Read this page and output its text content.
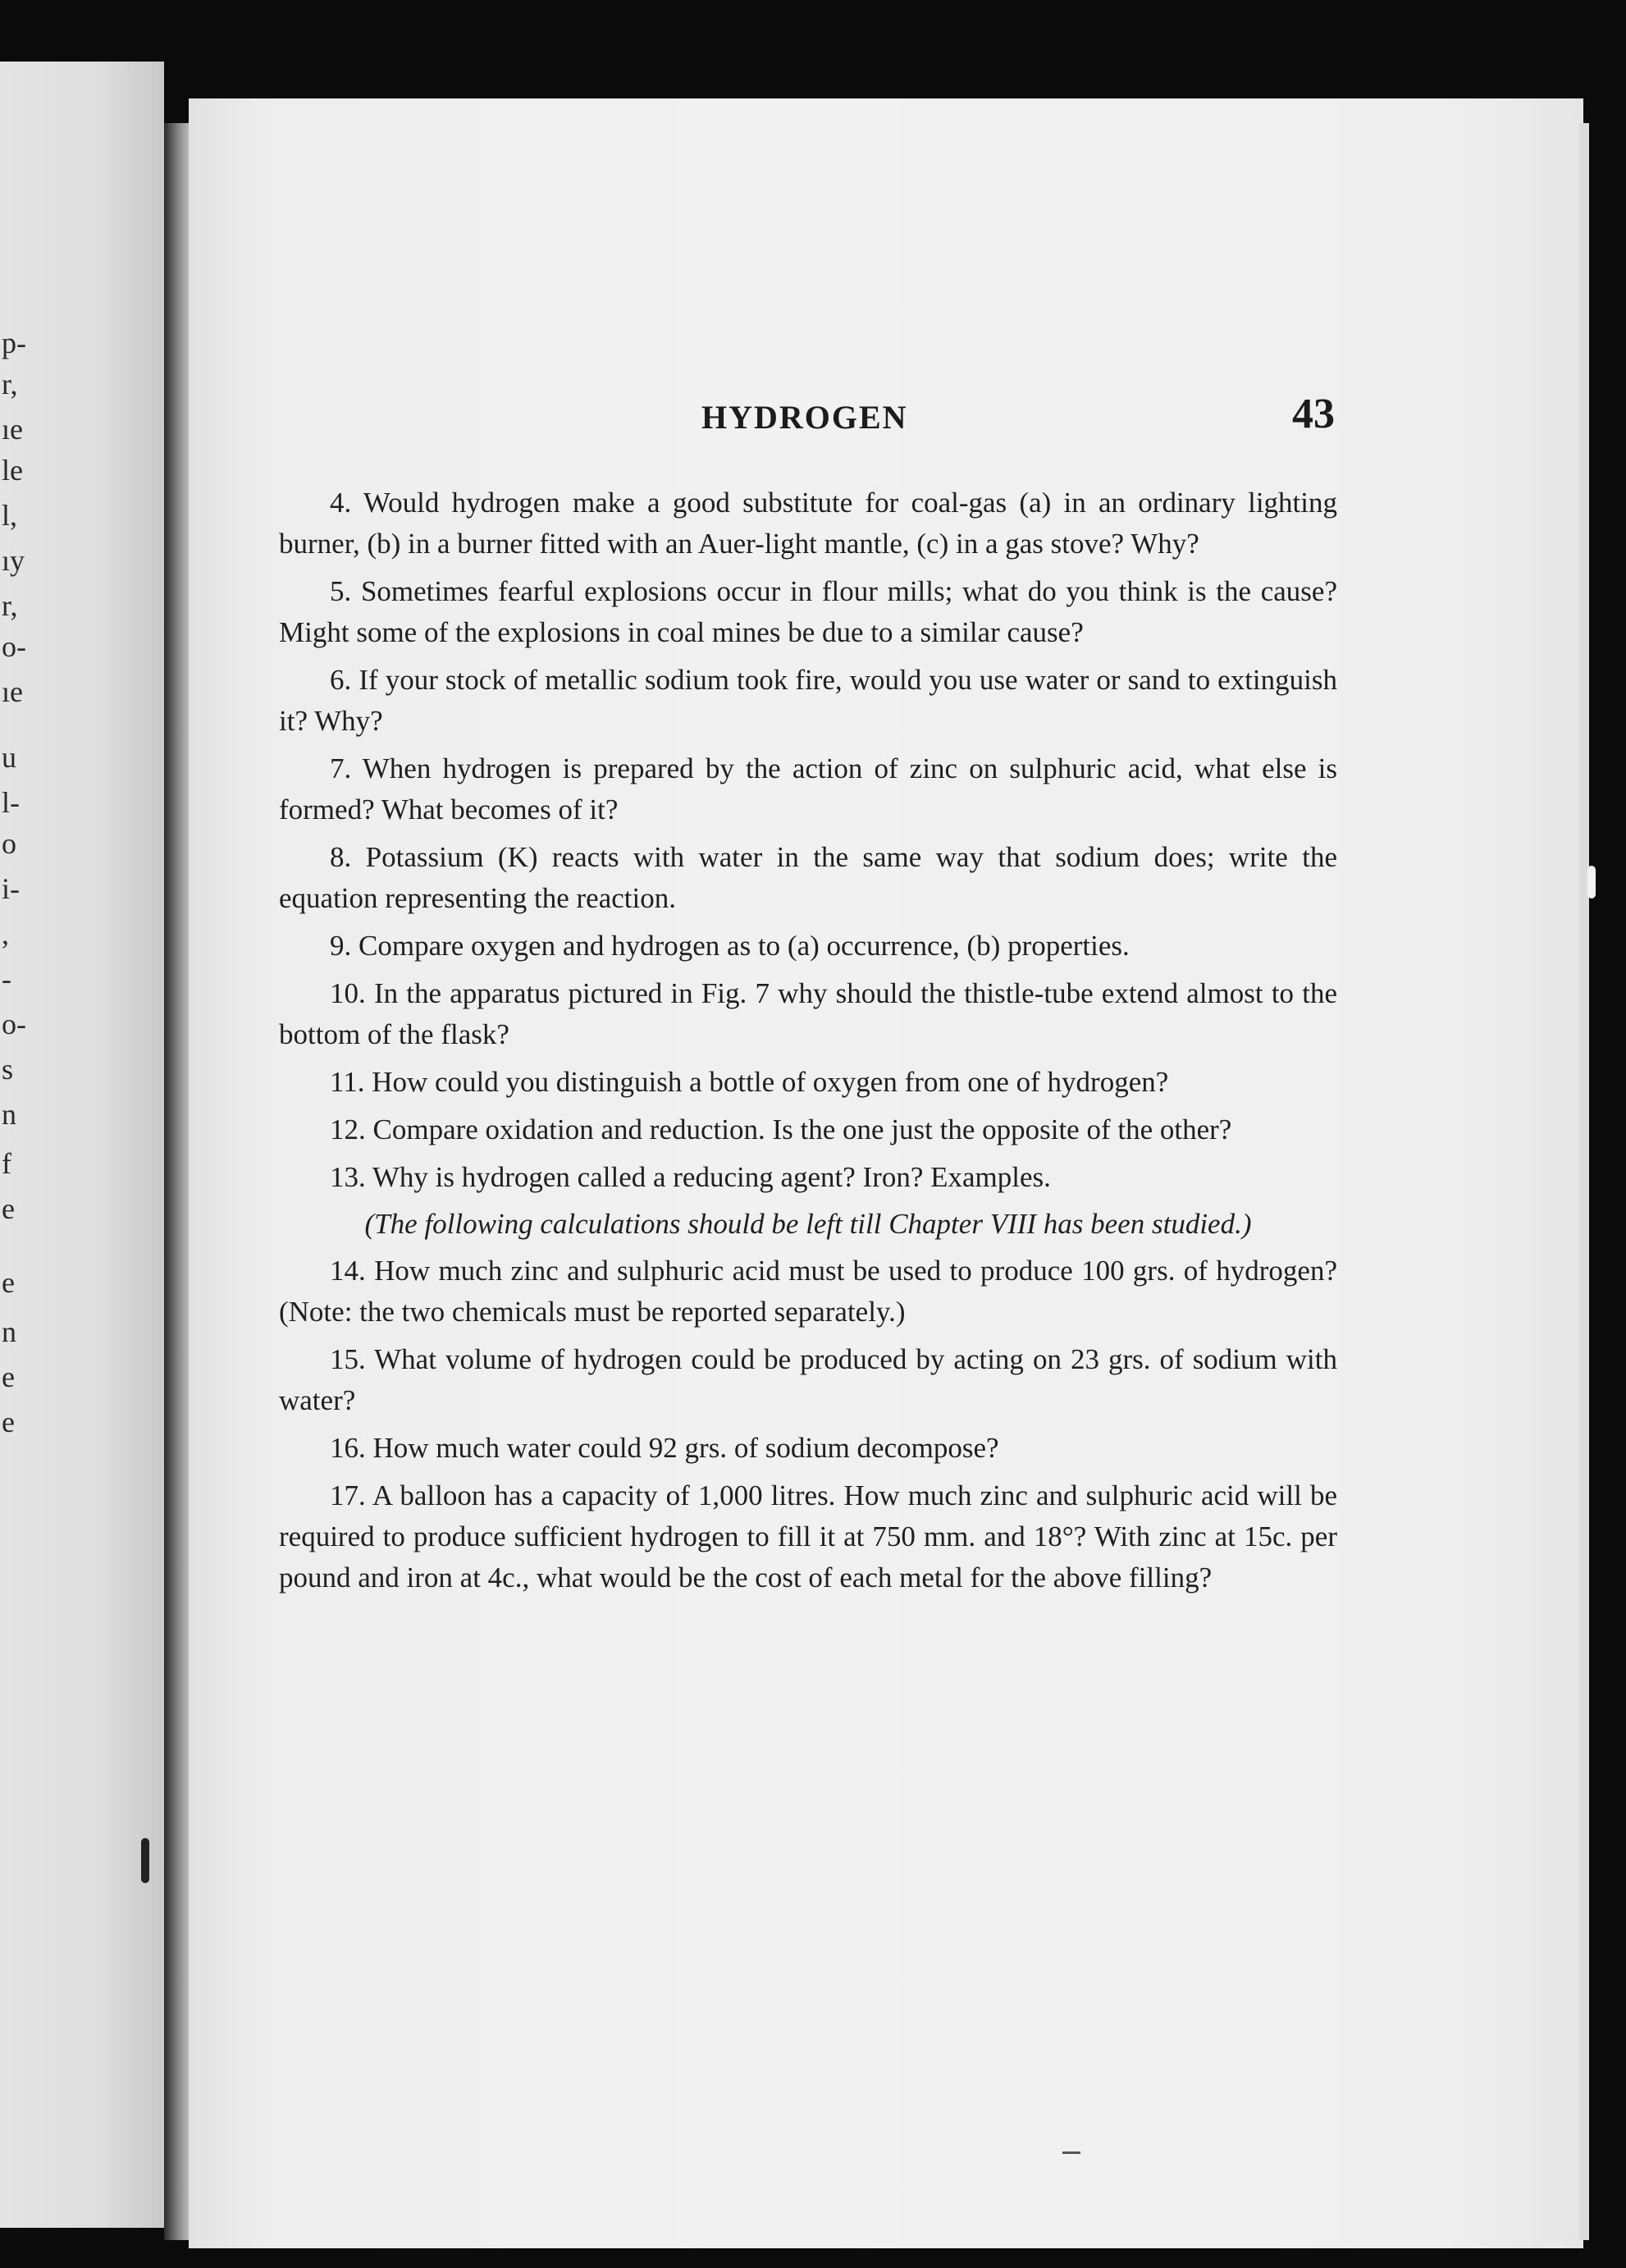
p-
r,
ıe
le
l,
ıy
r,
o-
ıe
u
l-
o
i-
,
-
o-
s
n
f
e
e
n
e
e
HYDROGEN	43

4. Would hydrogen make a good substitute for coal-gas (a) in an ordinary lighting burner, (b) in a burner fitted with an Auer-light mantle, (c) in a gas stove? Why?

5. Sometimes fearful explosions occur in flour mills; what do you think is the cause? Might some of the explosions in coal mines be due to a similar cause?

6. If your stock of metallic sodium took fire, would you use water or sand to extinguish it? Why?

7. When hydrogen is prepared by the action of zinc on sulphuric acid, what else is formed? What becomes of it?

8. Potassium (K) reacts with water in the same way that sodium does; write the equation representing the reaction.

9. Compare oxygen and hydrogen as to (a) occurrence, (b) properties.

10. In the apparatus pictured in Fig. 7 why should the thistle-tube extend almost to the bottom of the flask?

11. How could you distinguish a bottle of oxygen from one of hydrogen?

12. Compare oxidation and reduction. Is the one just the opposite of the other?

13. Why is hydrogen called a reducing agent? Iron? Examples.

(The following calculations should be left till Chapter VIII has been studied.)

14. How much zinc and sulphuric acid must be used to produce 100 grs. of hydrogen? (Note: the two chemicals must be reported separately.)

15. What volume of hydrogen could be produced by acting on 23 grs. of sodium with water?

16. How much water could 92 grs. of sodium decompose?

17. A balloon has a capacity of 1,000 litres. How much zinc and sulphuric acid will be required to produce sufficient hydrogen to fill it at 750 mm. and 18°? With zinc at 15c. per pound and iron at 4c., what would be the cost of each metal for the above filling?
